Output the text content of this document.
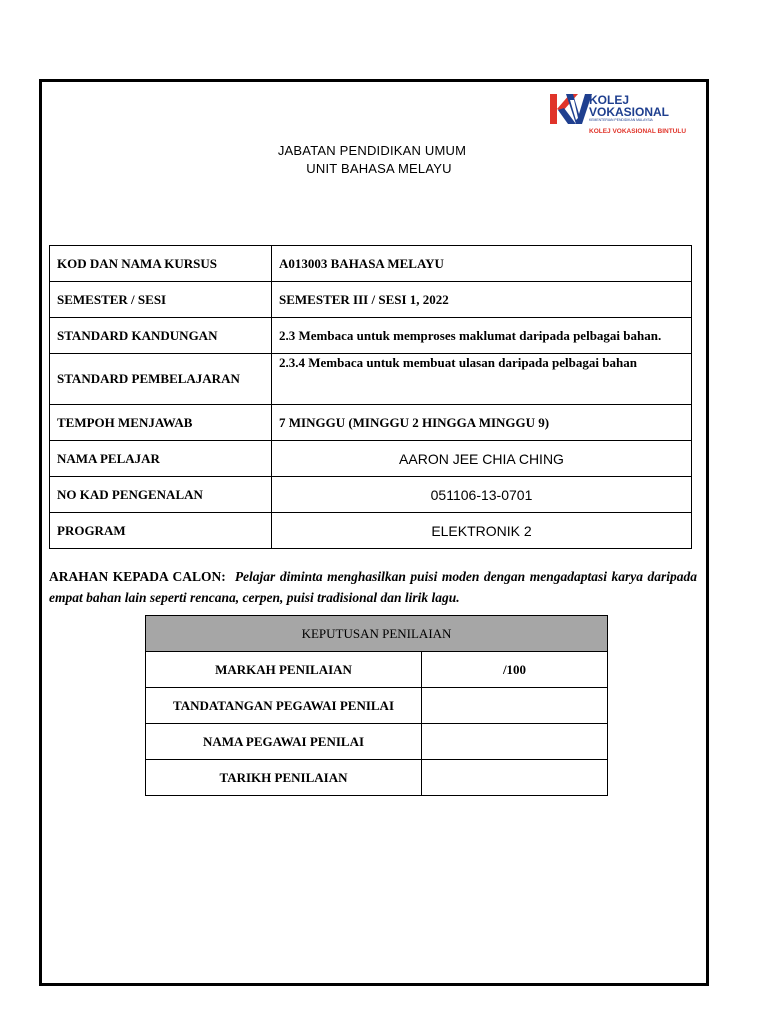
KOLEJ
VOKASIONAL
KEMENTERIAN PENDIDIKAN MALAYSIA
KOLEJ VOKASIONAL BINTULU
JABATAN PENDIDIKAN UMUM
UNIT BAHASA MELAYU
KOD DAN NAMA KURSUS	A013003 BAHASA MELAYU
SEMESTER / SESI	SEMESTER III / SESI 1, 2022
STANDARD KANDUNGAN	2.3 Membaca untuk memproses maklumat daripada pelbagai bahan.
STANDARD PEMBELAJARAN	2.3.4 Membaca untuk membuat ulasan daripada pelbagai bahan
TEMPOH MENJAWAB	7 MINGGU (MINGGU 2 HINGGA MINGGU 9)
NAMA PELAJAR	AARON JEE CHIA CHING
NO KAD PENGENALAN	051106-13-0701
PROGRAM	ELEKTRONIK 2
ARAHAN KEPADA CALON: Pelajar diminta menghasilkan puisi moden dengan mengadaptasi karya daripada empat bahan lain seperti rencana, cerpen, puisi tradisional dan lirik lagu.
KEPUTUSAN PENILAIAN	
MARKAH PENILAIAN	/100
TANDATANGAN PEGAWAI PENILAI	
NAMA PEGAWAI PENILAI	
TARIKH PENILAIAN	
